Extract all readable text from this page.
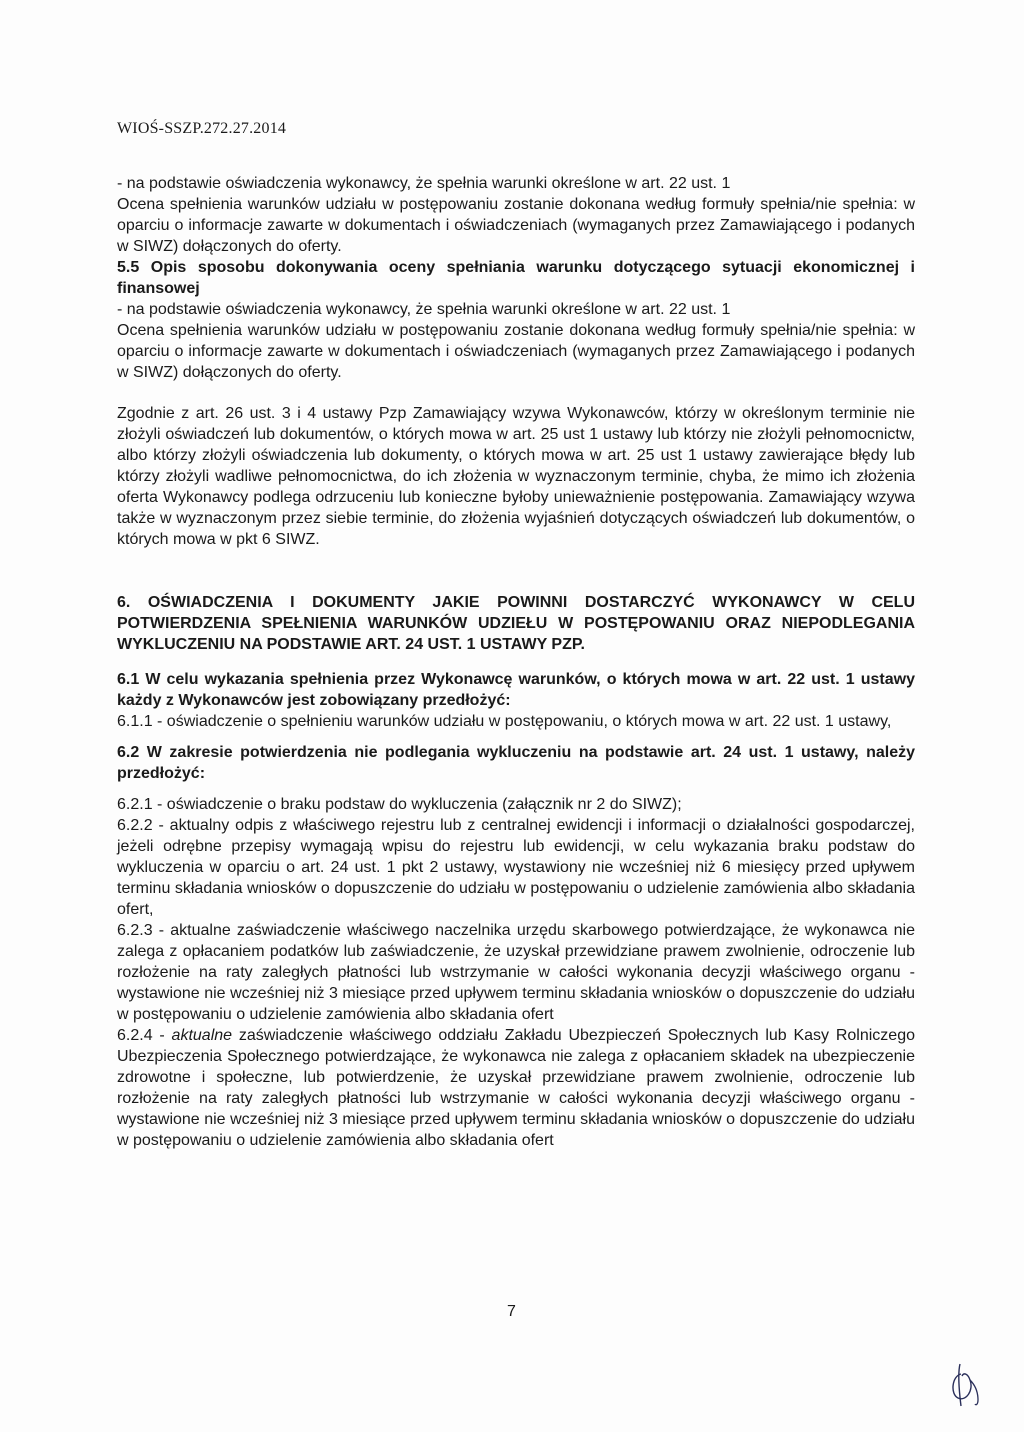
WIOŚ-SSZP.272.27.2014

- na podstawie oświadczenia wykonawcy, że spełnia warunki określone w art. 22 ust. 1

Ocena spełnienia warunków udziału w postępowaniu zostanie dokonana według formuły spełnia/nie spełnia: w oparciu o informacje zawarte w dokumentach i oświadczeniach (wymaganych przez Zamawiającego i podanych w SIWZ) dołączonych do oferty.

5.5 Opis sposobu dokonywania oceny spełniania warunku dotyczącego sytuacji ekonomicznej i finansowej

- na podstawie oświadczenia wykonawcy, że spełnia warunki określone w art. 22 ust. 1

Ocena spełnienia warunków udziału w postępowaniu zostanie dokonana według formuły spełnia/nie spełnia: w oparciu o informacje zawarte w dokumentach i oświadczeniach (wymaganych przez Zamawiającego i podanych w SIWZ) dołączonych do oferty.

Zgodnie z art. 26 ust. 3 i 4 ustawy Pzp Zamawiający wzywa Wykonawców, którzy w określonym terminie nie złożyli oświadczeń lub dokumentów, o których mowa w art. 25 ust 1 ustawy lub którzy nie złożyli pełnomocnictw, albo którzy złożyli oświadczenia lub dokumenty, o których mowa w art. 25 ust 1 ustawy zawierające błędy lub którzy złożyli wadliwe pełnomocnictwa, do ich złożenia w wyznaczonym terminie, chyba, że mimo ich złożenia oferta Wykonawcy podlega odrzuceniu lub konieczne byłoby unieważnienie postępowania. Zamawiający wzywa także w wyznaczonym przez siebie terminie, do złożenia wyjaśnień dotyczących oświadczeń lub dokumentów, o których mowa w pkt 6 SIWZ.

6. OŚWIADCZENIA I DOKUMENTY JAKIE POWINNI DOSTARCZYĆ WYKONAWCY W CELU POTWIERDZENIA SPEŁNIENIA WARUNKÓW UDZIEŁU W POSTĘPOWANIU ORAZ NIEPODLEGANIA WYKLUCZENIU NA PODSTAWIE ART. 24 UST. 1 USTAWY PZP.

6.1 W celu wykazania spełnienia przez Wykonawcę warunków, o których mowa w art. 22 ust. 1 ustawy każdy z Wykonawców jest zobowiązany przedłożyć:

6.1.1 - oświadczenie o spełnieniu warunków udziału w postępowaniu, o których mowa w art. 22 ust. 1 ustawy,

6.2 W zakresie potwierdzenia nie podlegania wykluczeniu na podstawie art. 24 ust. 1 ustawy, należy przedłożyć:

6.2.1 - oświadczenie o braku podstaw do wykluczenia (załącznik nr 2 do SIWZ);

6.2.2 - aktualny odpis z właściwego rejestru lub z centralnej ewidencji i informacji o działalności gospodarczej, jeżeli odrębne przepisy wymagają wpisu do rejestru lub ewidencji, w celu wykazania braku podstaw do wykluczenia w oparciu o art. 24 ust. 1 pkt 2 ustawy, wystawiony nie wcześniej niż 6 miesięcy przed upływem terminu składania wniosków o dopuszczenie do udziału w postępowaniu o udzielenie zamówienia albo składania ofert,

6.2.3 - aktualne zaświadczenie właściwego naczelnika urzędu skarbowego potwierdzające, że wykonawca nie zalega z opłacaniem podatków lub zaświadczenie, że uzyskał przewidziane prawem zwolnienie, odroczenie lub rozłożenie na raty zaległych płatności lub wstrzymanie w całości wykonania decyzji właściwego organu - wystawione nie wcześniej niż 3 miesiące przed upływem terminu składania wniosków o dopuszczenie do udziału w postępowaniu o udzielenie zamówienia albo składania ofert

6.2.4 - aktualne zaświadczenie właściwego oddziału Zakładu Ubezpieczeń Społecznych lub Kasy Rolniczego Ubezpieczenia Społecznego potwierdzające, że wykonawca nie zalega z opłacaniem składek na ubezpieczenie zdrowotne i społeczne, lub potwierdzenie, że uzyskał przewidziane prawem zwolnienie, odroczenie lub rozłożenie na raty zaległych płatności lub wstrzymanie w całości wykonania decyzji właściwego organu - wystawione nie wcześniej niż 3 miesiące przed upływem terminu składania wniosków o dopuszczenie do udziału w postępowaniu o udzielenie zamówienia albo składania ofert

7
